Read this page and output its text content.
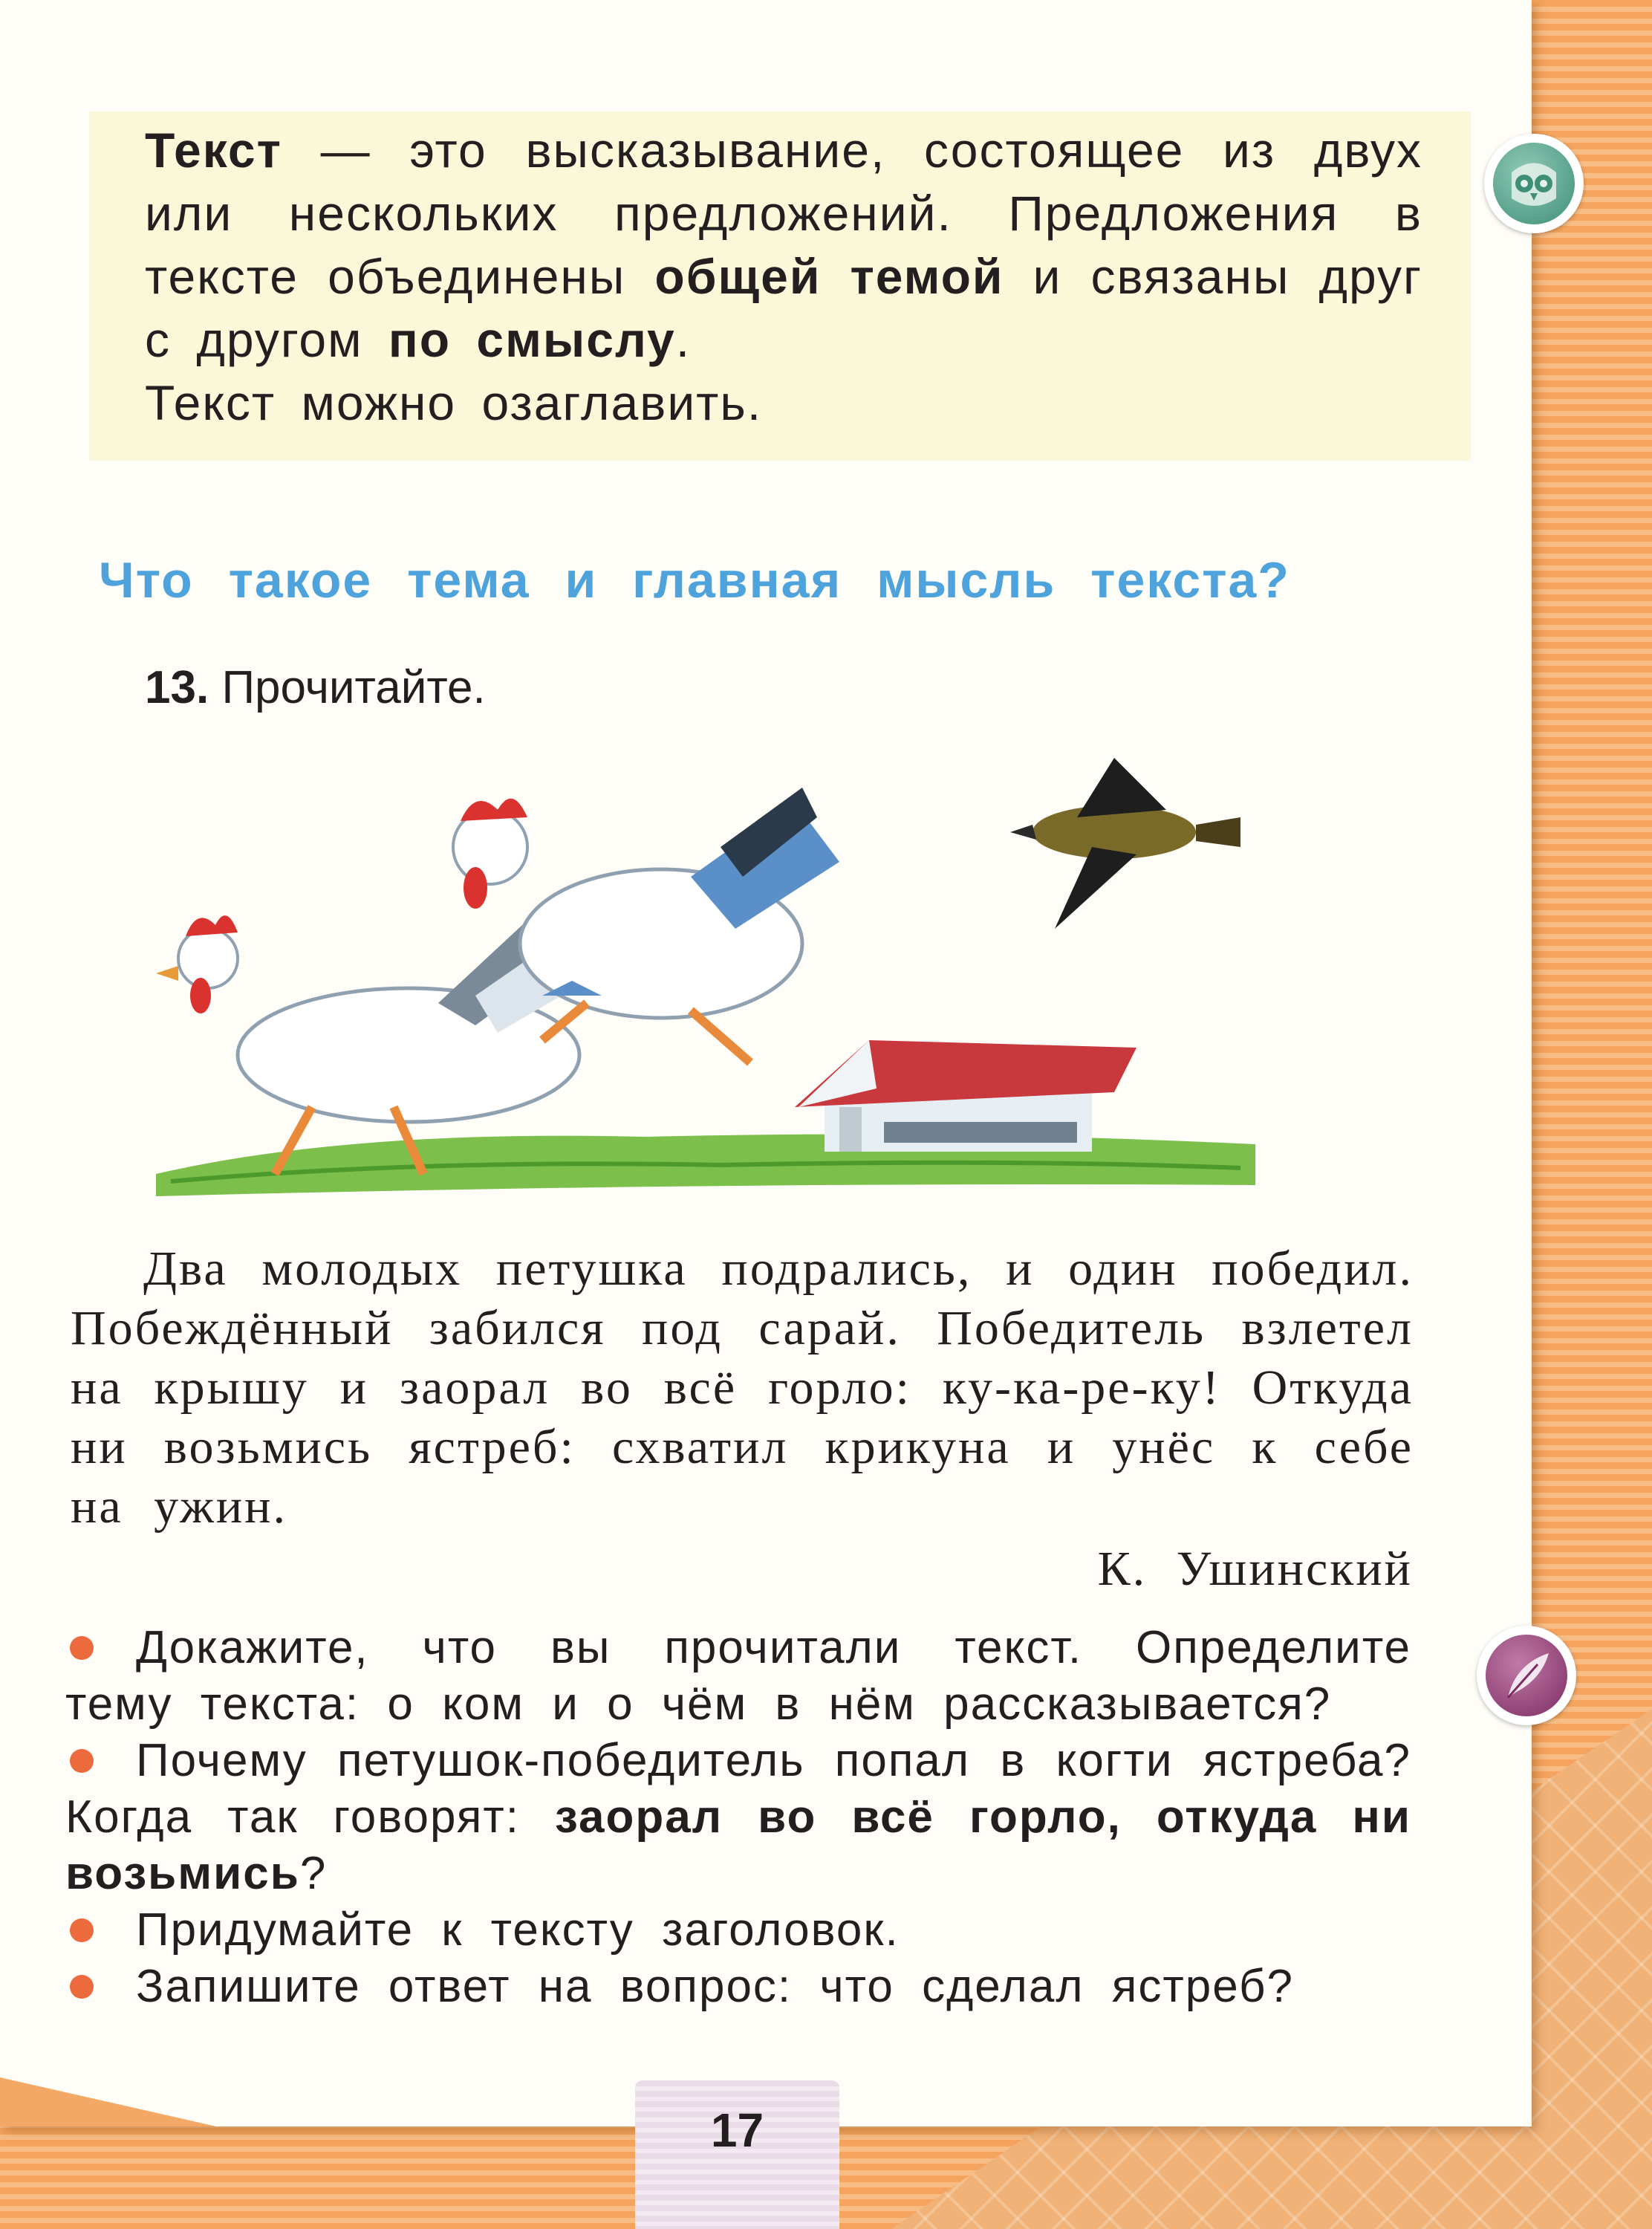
Текст — это высказывание, состоящее из двух или нескольких предложений. Предложения в тексте объединены общей темой и связаны друг с другом по смыслу.
Текст можно озаглавить.
Что такое тема и главная мысль текста?
13. Прочитайте.
Два молодых петушка подрались, и один победил. Побеждённый забился под сарай. Победитель взлетел на крышу и заорал во всё горло: ку-ка-ре-ку! Откуда ни возьмись ястреб: схватил крикуна и унёс к себе на ужин.
К. Ушинский
Докажите, что вы прочитали текст. Определите тему текста: о ком и о чём в нём рассказывается?
Почему петушок-победитель попал в когти ястреба? Когда так говорят: заорал во всё горло, откуда ни возьмись?
Придумайте к тексту заголовок.
Запишите ответ на вопрос: что сделал ястреб?
17
